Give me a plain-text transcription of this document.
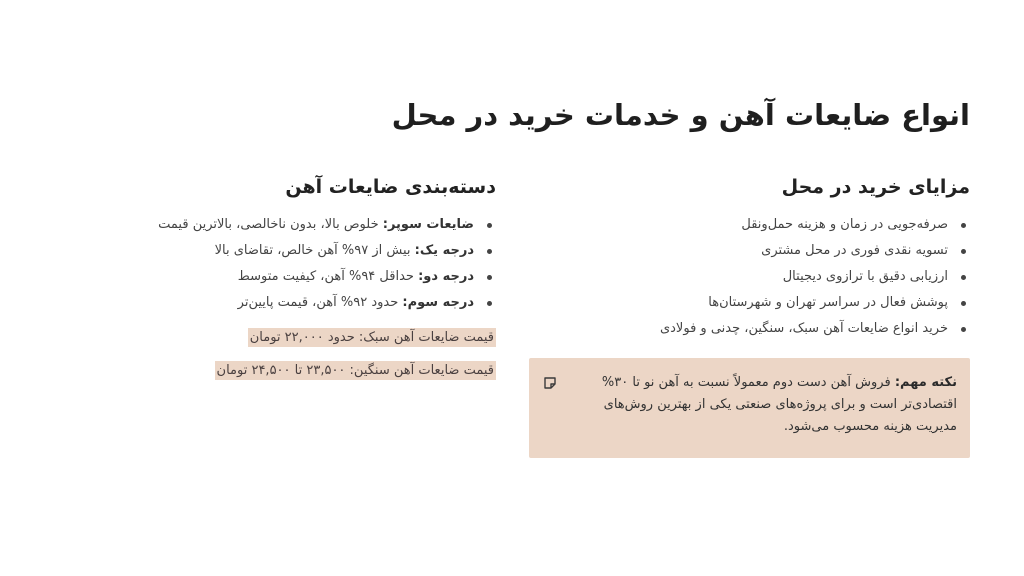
انواع ضایعات آهن و خدمات خرید در محل
مزایای خرید در محل
صرفه‌جویی در زمان و هزینه حمل‌ونقل
تسویه نقدی فوری در محل مشتری
ارزیابی دقیق با ترازوی دیجیتال
پوشش فعال در سراسر تهران و شهرستان‌ها
خرید انواع ضایعات آهن سبک، سنگین، چدنی و فولادی
نکته مهم: فروش آهن دست دوم معمولاً نسبت به آهن نو تا ۳۰% اقتصادی‌تر است و برای پروژه‌های صنعتی یکی از بهترین روش‌های مدیریت هزینه محسوب می‌شود.
دسته‌بندی ضایعات آهن
ضایعات سوپر: خلوص بالا، بدون ناخالصی، بالاترین قیمت
درجه یک: بیش از ۹۷% آهن خالص، تقاضای بالا
درجه دو: حداقل ۹۴% آهن، کیفیت متوسط
درجه سوم: حدود ۹۲% آهن، قیمت پایین‌تر
قیمت ضایعات آهن سبک: حدود ۲۲,۰۰۰ تومان
قیمت ضایعات آهن سنگین: ۲۳,۵۰۰ تا ۲۴,۵۰۰ تومان
